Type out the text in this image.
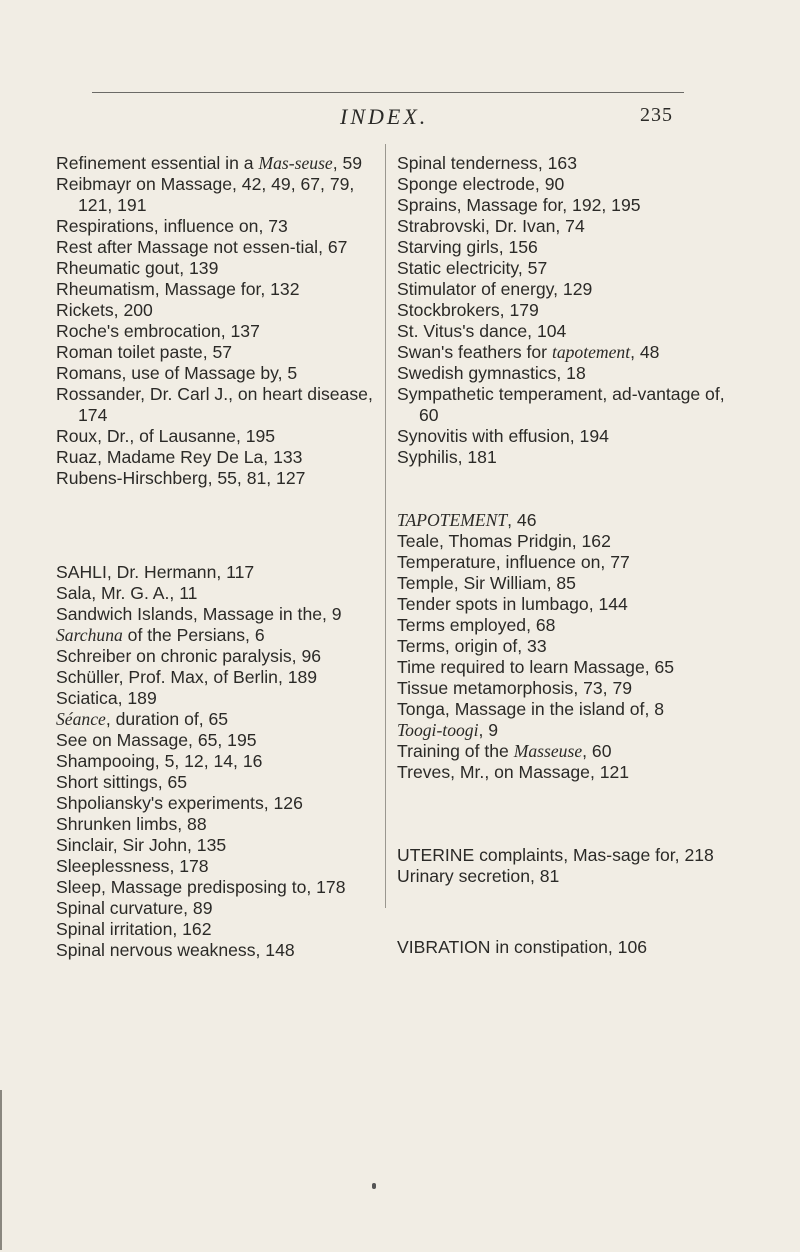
INDEX.	235
Refinement essential in a Mas-seuse, 59
Reibmayr on Massage, 42, 49, 67, 79, 121, 191
Respirations, influence on, 73
Rest after Massage not essen-tial, 67
Rheumatic gout, 139
Rheumatism, Massage for, 132
Rickets, 200
Roche's embrocation, 137
Roman toilet paste, 57
Romans, use of Massage by, 5
Rossander, Dr. Carl J., on heart disease, 174
Roux, Dr., of Lausanne, 195
Ruaz, Madame Rey De La, 133
Rubens-Hirschberg, 55, 81, 127
SAHLI, Dr. Hermann, 117
Sala, Mr. G. A., 11
Sandwich Islands, Massage in the, 9
Sarchuna of the Persians, 6
Schreiber on chronic paralysis, 96
Schüller, Prof. Max, of Berlin, 189
Sciatica, 189
Séance, duration of, 65
See on Massage, 65, 195
Shampooing, 5, 12, 14, 16
Short sittings, 65
Shpoliansky's experiments, 126
Shrunken limbs, 88
Sinclair, Sir John, 135
Sleeplessness, 178
Sleep, Massage predisposing to, 178
Spinal curvature, 89
Spinal irritation, 162
Spinal nervous weakness, 148
Spinal tenderness, 163
Sponge electrode, 90
Sprains, Massage for, 192, 195
Strabrovski, Dr. Ivan, 74
Starving girls, 156
Static electricity, 57
Stimulator of energy, 129
Stockbrokers, 179
St. Vitus's dance, 104
Swan's feathers for tapotement, 48
Swedish gymnastics, 18
Sympathetic temperament, ad-vantage of, 60
Synovitis with effusion, 194
Syphilis, 181
TAPOTEMENT, 46
Teale, Thomas Pridgin, 162
Temperature, influence on, 77
Temple, Sir William, 85
Tender spots in lumbago, 144
Terms employed, 68
Terms, origin of, 33
Time required to learn Massage, 65
Tissue metamorphosis, 73, 79
Tonga, Massage in the island of, 8
Toogi-toogi, 9
Training of the Masseuse, 60
Treves, Mr., on Massage, 121
UTERINE complaints, Mas-sage for, 218
Urinary secretion, 81
VIBRATION in constipation, 106
